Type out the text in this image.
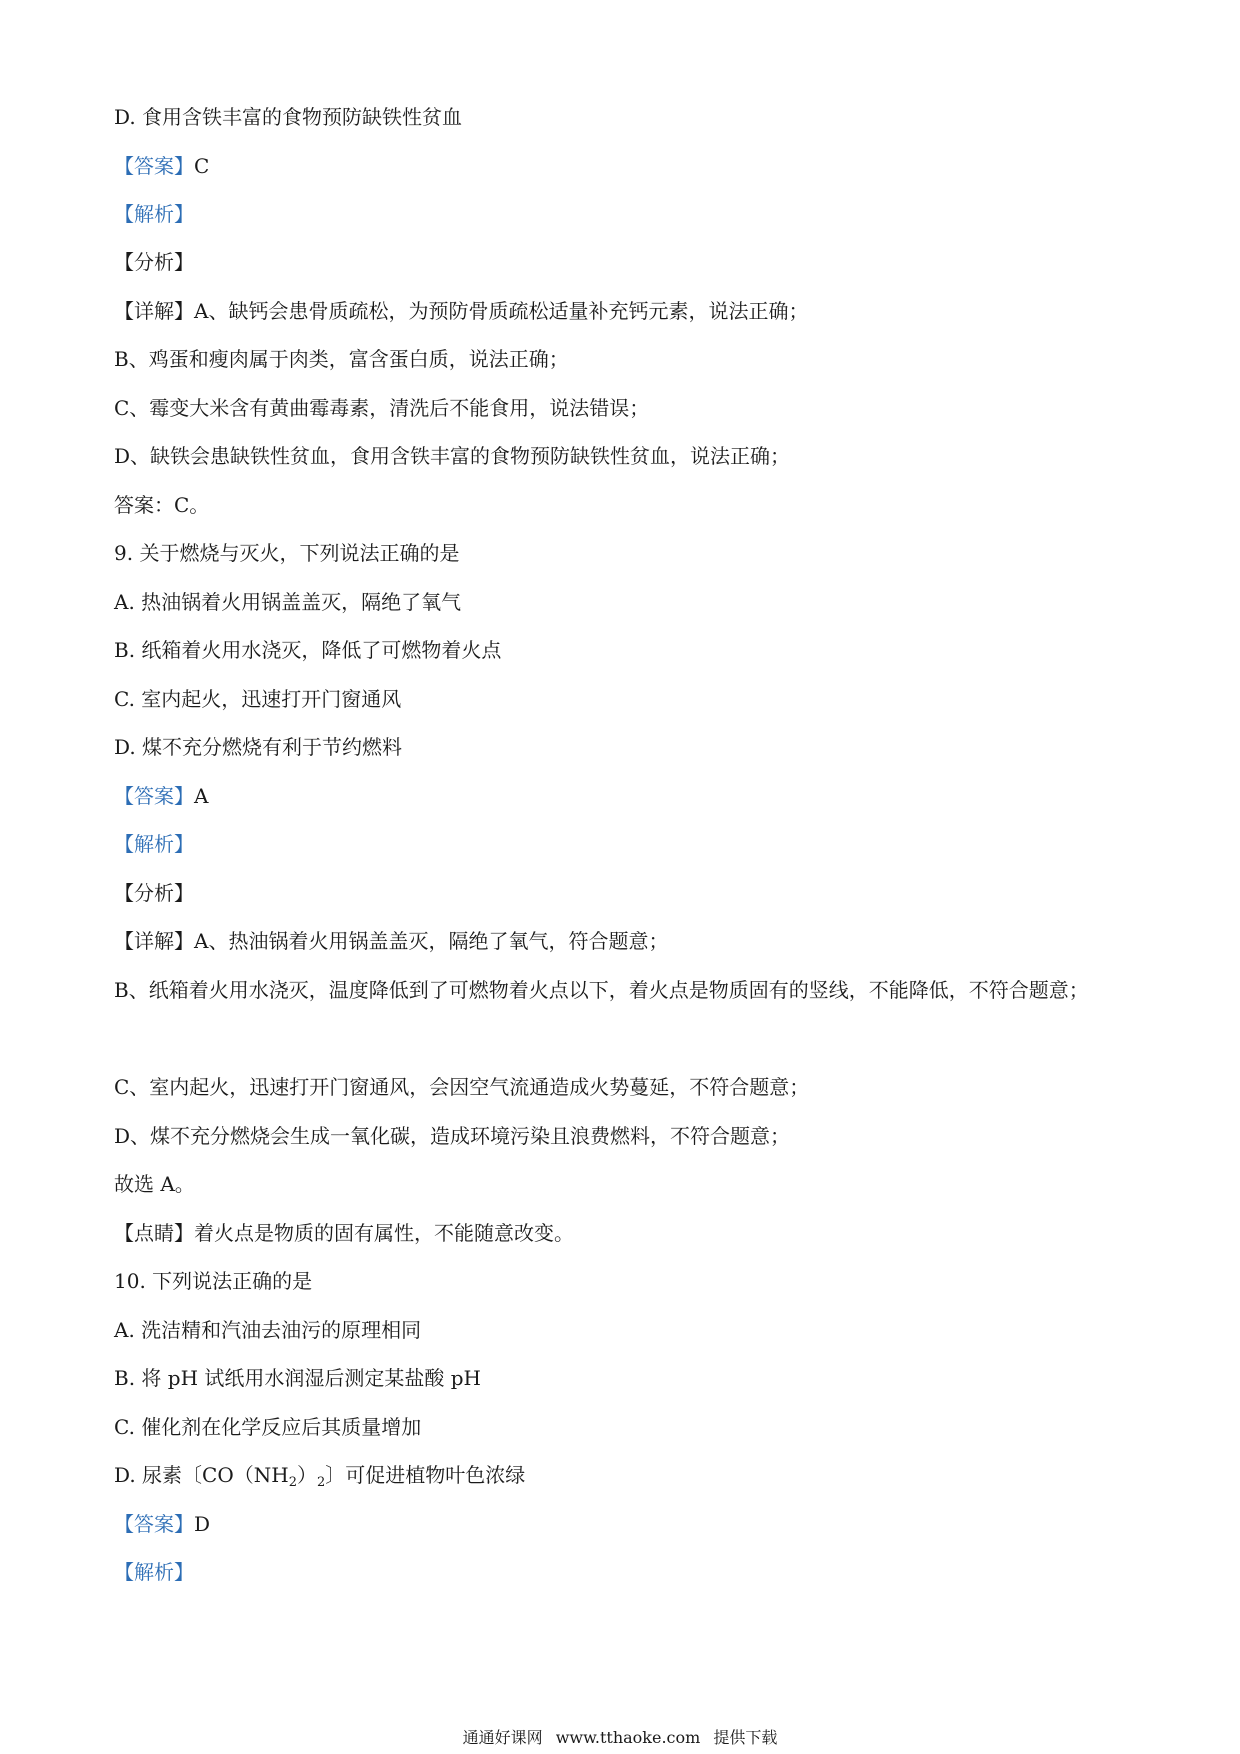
D. 食用含铁丰富的食物预防缺铁性贫血
【答案】C
【解析】
【分析】
【详解】A、缺钙会患骨质疏松，为预防骨质疏松适量补充钙元素，说法正确；
B、鸡蛋和瘦肉属于肉类，富含蛋白质，说法正确；
C、霉变大米含有黄曲霉毒素，清洗后不能食用，说法错误；
D、缺铁会患缺铁性贫血，食用含铁丰富的食物预防缺铁性贫血，说法正确；
答案：C。
9. 关于燃烧与灭火，下列说法正确的是
A. 热油锅着火用锅盖盖灭，隔绝了氧气
B. 纸箱着火用水浇灭，降低了可燃物着火点
C. 室内起火，迅速打开门窗通风
D. 煤不充分燃烧有利于节约燃料
【答案】A
【解析】
【分析】
【详解】A、热油锅着火用锅盖盖灭，隔绝了氧气，符合题意；
B、纸箱着火用水浇灭，温度降低到了可燃物着火点以下，着火点是物质固有的竖线，不能降低，不符合题意；
C、室内起火，迅速打开门窗通风，会因空气流通造成火势蔓延，不符合题意；
D、煤不充分燃烧会生成一氧化碳，造成环境污染且浪费燃料，不符合题意；
故选 A。
【点睛】着火点是物质的固有属性，不能随意改变。
10. 下列说法正确的是
A. 洗洁精和汽油去油污的原理相同
B. 将 pH 试纸用水润湿后测定某盐酸 pH
C. 催化剂在化学反应后其质量增加
D. 尿素〔$CO(NH_2)_2$〕可促进植物叶色浓绿
【答案】D
【解析】
通通好课网 www.tthaoke.com 提供下载
